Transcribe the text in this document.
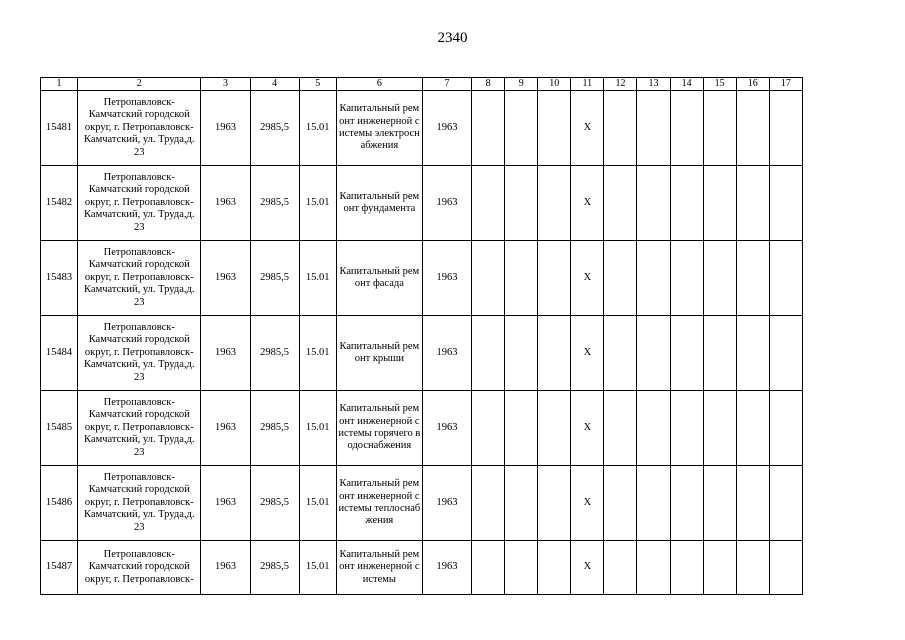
2340
1	2	3	4	5	6	7	8	9	10	11	12	13	14	15	16	17
15481	Петропавловск-Камчатский городской округ, г. Петропавловск-Камчатский, ул. Труда,д. 23	1963	2985,5	15.01	Капитальный ремонт инженерной системы электроснабжения	1963				X						
15482	Петропавловск-Камчатский городской округ, г. Петропавловск-Камчатский, ул. Труда,д. 23	1963	2985,5	15.01	Капитальный ремонт фундамента	1963				X						
15483	Петропавловск-Камчатский городской округ, г. Петропавловск-Камчатский, ул. Труда,д. 23	1963	2985,5	15.01	Капитальный ремонт фасада	1963				X						
15484	Петропавловск-Камчатский городской округ, г. Петропавловск-Камчатский, ул. Труда,д. 23	1963	2985,5	15.01	Капитальный ремонт крыши	1963				X						
15485	Петропавловск-Камчатский городской округ, г. Петропавловск-Камчатский, ул. Труда,д. 23	1963	2985,5	15.01	Капитальный ремонт инженерной системы горячего водоснабжения	1963				X						
15486	Петропавловск-Камчатский городской округ, г. Петропавловск-Камчатский, ул. Труда,д. 23	1963	2985,5	15.01	Капитальный ремонт инженерной системы теплоснабжения	1963				X						
15487	Петропавловск-Камчатский городской округ, г. Петропавловск-	1963	2985,5	15.01	Капитальный ремонт инженерной системы	1963				X						
